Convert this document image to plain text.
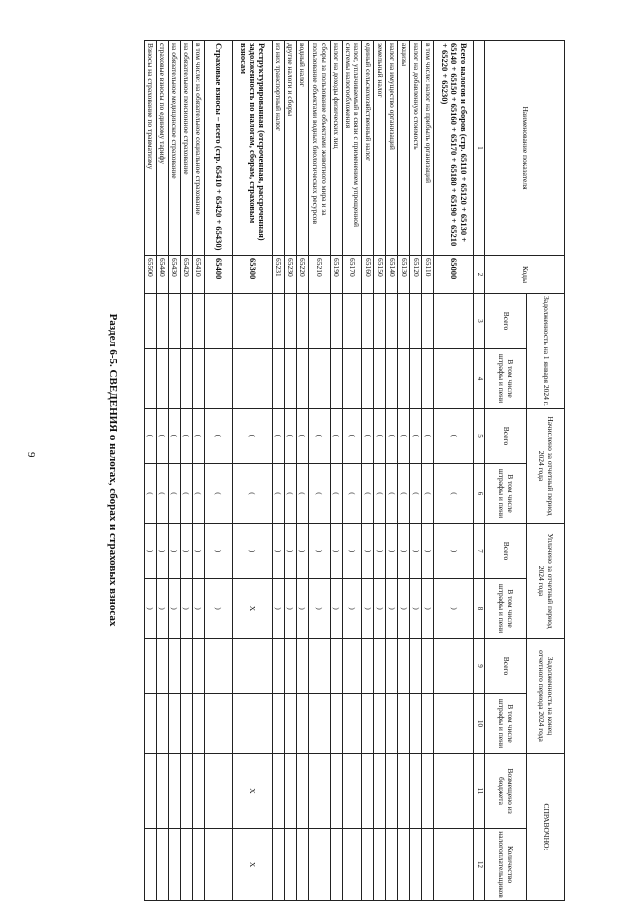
9
Наименование показателя	Коды	Задолженность на 1 января 2024 г.		Начислено за отчетный период 2024 года		Уплачено за отчетный период 2024 года		Задолженность на конец отчетного периода 2024 года		СПРАВОЧНО:	
		Всего	В том числе штрафы и пени	Всего	В том числе штрафы и пени	Всего	В том числе штрафы и пени	Всего	В том числе штрафы и пени	Возмещено из бюджета	Количество налогоплательщиков
1	2	3	4	5	6	7	8	9	10	11	12
Всего налогов и сборов (стр. 65110 + 65120 + 65130 + 65140 + 65150 + 65160 + 65170 + 65180 + 65190 + 65210 + 65220 + 65230)	65000			(	(	)	)				
в том числе: налог на прибыль организаций	65110			(	(	)	)				
налог на добавленную стоимость	65120			(	(	)	)				
акцизы	65130			(	(	)	)				
налог на имущество организаций	65140			(	(	)	)				
земельный налог	65150			(	(	)	)				
единый сельскохозяйственный налог	65160			(	(	)	)				
налог, уплачиваемый в связи с применением упрощенной системы налогообложения	65170			(	(	)	)				
налог на доходы физических лиц	65190			(	(	)	)				
сборы за пользование объектами животного мира и за пользование объектами водных биологических ресурсов	65210			(	(	)	)				
водный налог	65220			(	(	)	)				
другие налоги и сборы	65230			(	(	)	)				
из них транспортный налог	65231			(	(	)	)				
Реструктурированная (отсроченная, рассроченная) задолженность по налогам, сборам, страховым взносам	65300			(	(	)	X			X	X
Страховые взносы – всего (стр. 65410 + 65420 + 65430)	65400			(	(	)	)				
в том числе: на обязательное социальное страхование	65410			(	(	)	)				
на обязательное пенсионное страхование	65420			(	(	)	)				
на обязательное медицинское страхование	65430			(	(	)	)				
страховые взносы по единому тарифу	65440			(	(	)	)				
Взносы на страхование по травматизму	65500			(	(	)	)				
Раздел 6-5. СВЕДЕНИЯ о налогах, сборах и страховых взносах
